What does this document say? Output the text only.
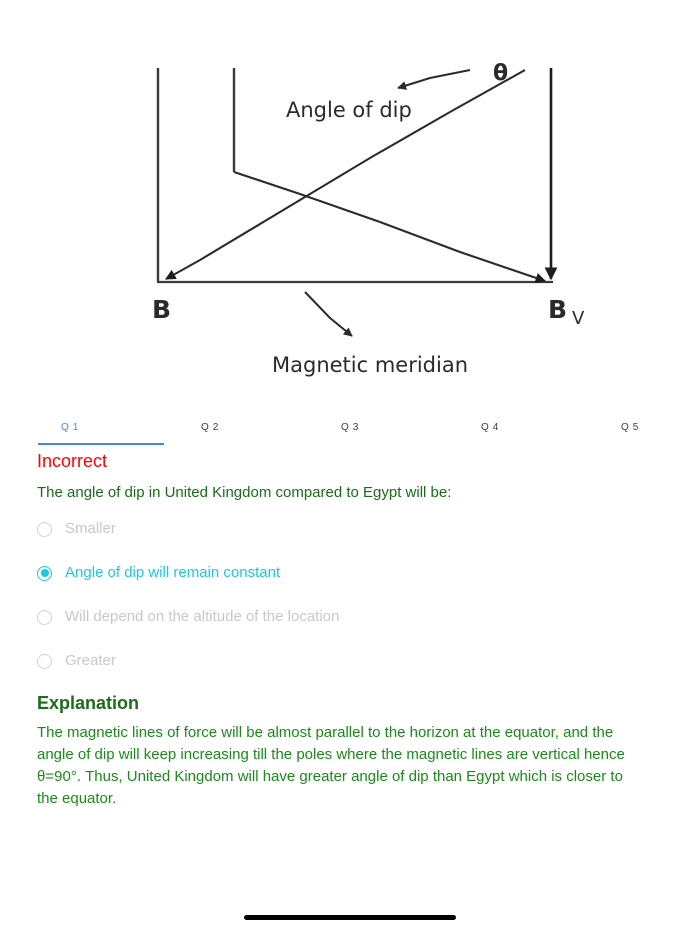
θ
Angle of dip
Magnetic meridian
B	B V
Q 1	Q 2	Q 3	Q 4	Q 5
Incorrect
The angle of dip in United Kingdom compared to Egypt will be:
Smaller
Angle of dip will remain constant
Will depend on the altitude of the location
Greater
Explanation
The magnetic lines of force will be almost parallel to the horizon at the equator, and the angle of dip will keep increasing till the poles where the magnetic lines are vertical hence θ=90°. Thus, United Kingdom will have greater angle of dip than Egypt which is closer to the equator.
